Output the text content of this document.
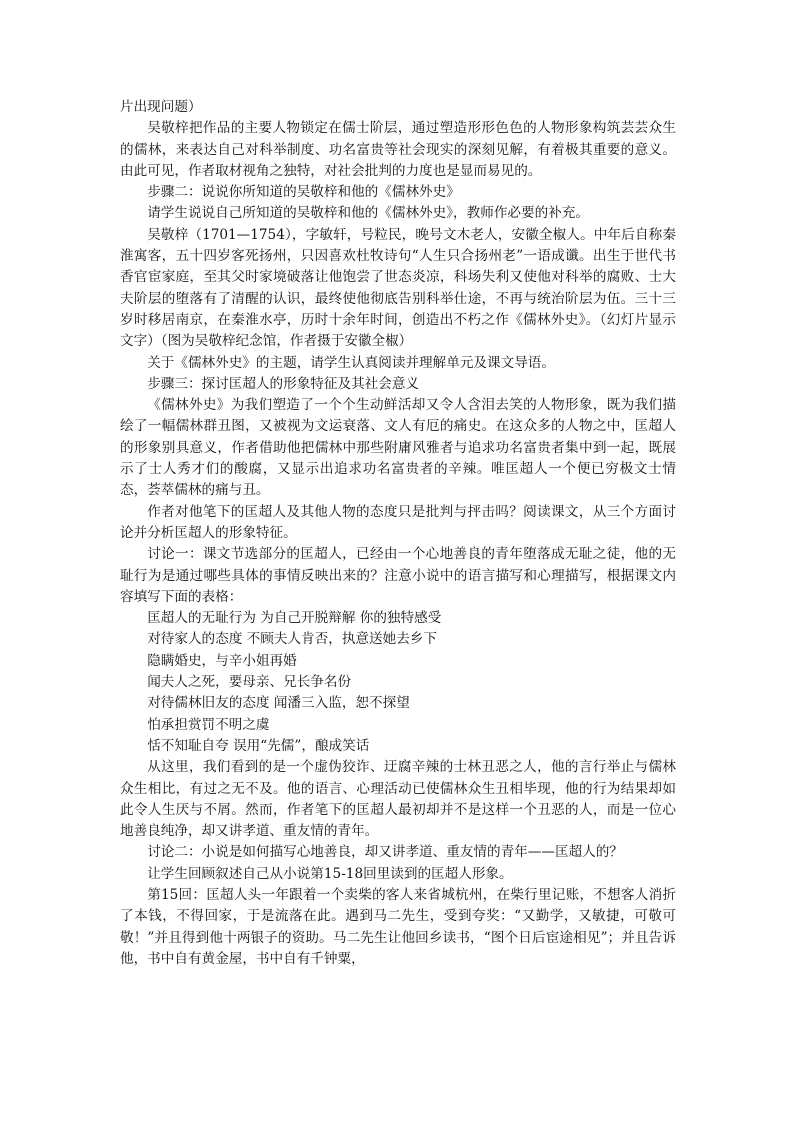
片出现问题）

吴敬梓把作品的主要人物锁定在儒士阶层，通过塑造形形色色的人物形象构筑芸芸众生的儒林，来表达自己对科举制度、功名富贵等社会现实的深刻见解，有着极其重要的意义。由此可见，作者取材视角之独特，对社会批判的力度也是显而易见的。

步骤二：说说你所知道的吴敬梓和他的《儒林外史》

请学生说说自己所知道的吴敬梓和他的《儒林外史》，教师作必要的补充。

吴敬梓（1701—1754），字敏轩，号粒民，晚号文木老人，安徽全椒人。中年后自称秦淮寓客，五十四岁客死扬州，只因喜欢杜牧诗句“人生只合扬州老”一语成谶。出生于世代书香官宦家庭，至其父时家境破落让他饱尝了世态炎凉，科场失利又使他对科举的腐败、士大夫阶层的堕落有了清醒的认识，最终使他彻底告别科举仕途，不再与统治阶层为伍。三十三岁时移居南京，在秦淮水亭，历时十余年时间，创造出不朽之作《儒林外史》。（幻灯片显示文字）（图为吴敬梓纪念馆，作者摄于安徽全椒）

关于《儒林外史》的主题，请学生认真阅读并理解单元及课文导语。

步骤三：探讨匡超人的形象特征及其社会意义

《儒林外史》为我们塑造了一个个生动鲜活却又令人含泪去笑的人物形象，既为我们描绘了一幅儒林群丑图，又被视为文运衰落、文人有厄的痛史。在这众多的人物之中，匡超人的形象别具意义，作者借助他把儒林中那些附庸风雅者与追求功名富贵者集中到一起，既展示了士人秀才们的酸腐，又显示出追求功名富贵者的辛辣。唯匡超人一个便已穷极文士情态，荟萃儒林的痛与丑。

作者对他笔下的匡超人及其他人物的态度只是批判与抨击吗？阅读课文，从三个方面讨论并分析匡超人的形象特征。

讨论一：课文节选部分的匡超人，已经由一个心地善良的青年堕落成无耻之徒，他的无耻行为是通过哪些具体的事情反映出来的？注意小说中的语言描写和心理描写，根据课文内容填写下面的表格：

匡超人的无耻行为 为自己开脱辩解 你的独特感受

对待家人的态度 不顾夫人肯否，执意送她去乡下

隐瞒婚史，与辛小姐再婚

闻夫人之死，要母亲、兄长争名份

对待儒林旧友的态度 闻潘三入监，恕不探望

怕承担赏罚不明之虞

恬不知耻自夸 误用“先儒”，酿成笑话

从这里，我们看到的是一个虚伪狡诈、迂腐辛辣的士林丑恶之人，他的言行举止与儒林众生相比，有过之无不及。他的语言、心理活动已使儒林众生丑相毕现，他的行为结果却如此令人生厌与不屑。然而，作者笔下的匡超人最初却并不是这样一个丑恶的人，而是一位心地善良纯净，却又讲孝道、重友情的青年。

讨论二：小说是如何描写心地善良，却又讲孝道、重友情的青年——匡超人的？

让学生回顾叙述自己从小说第15-18回里读到的匡超人形象。

第15回：匡超人头一年跟着一个卖柴的客人来省城杭州，在柴行里记账，不想客人消折了本钱，不得回家，于是流落在此。遇到马二先生，受到夸奖：“又勤学，又敏捷，可敬可敬！”并且得到他十两银子的资助。马二先生让他回乡读书，“图个日后宦途相见”；并且告诉他，书中自有黄金屋，书中自有千钟粟，
